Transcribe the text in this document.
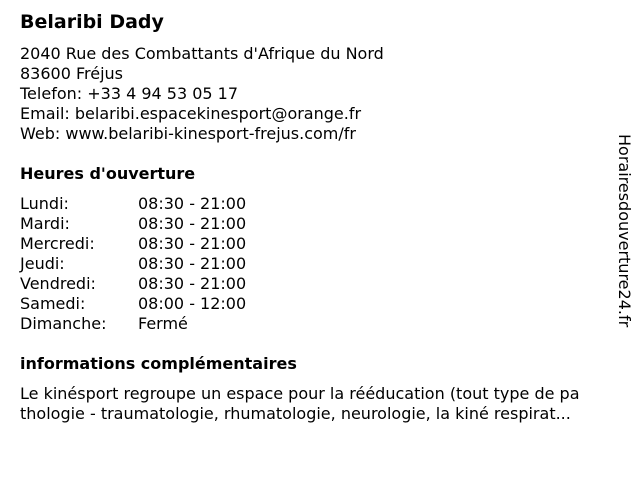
Belaribi Dady
2040 Rue des Combattants d'Afrique du Nord
83600 Fréjus
Telefon: +33 4 94 53 05 17
Email: belaribi.espacekinesport@orange.fr
Web: www.belaribi-kinesport-frejus.com/fr
Heures d'ouverture
Lundi:	08:30 - 21:00
Mardi:	08:30 - 21:00
Mercredi:	08:30 - 21:00
Jeudi:	08:30 - 21:00
Vendredi:	08:30 - 21:00
Samedi:	08:00 - 12:00
Dimanche:	Fermé
informations complémentaires
Le kinésport regroupe un espace pour la rééducation (tout type de pa
thologie - traumatologie, rhumatologie, neurologie, la kiné respirat...
Horairesdouverture24.fr
